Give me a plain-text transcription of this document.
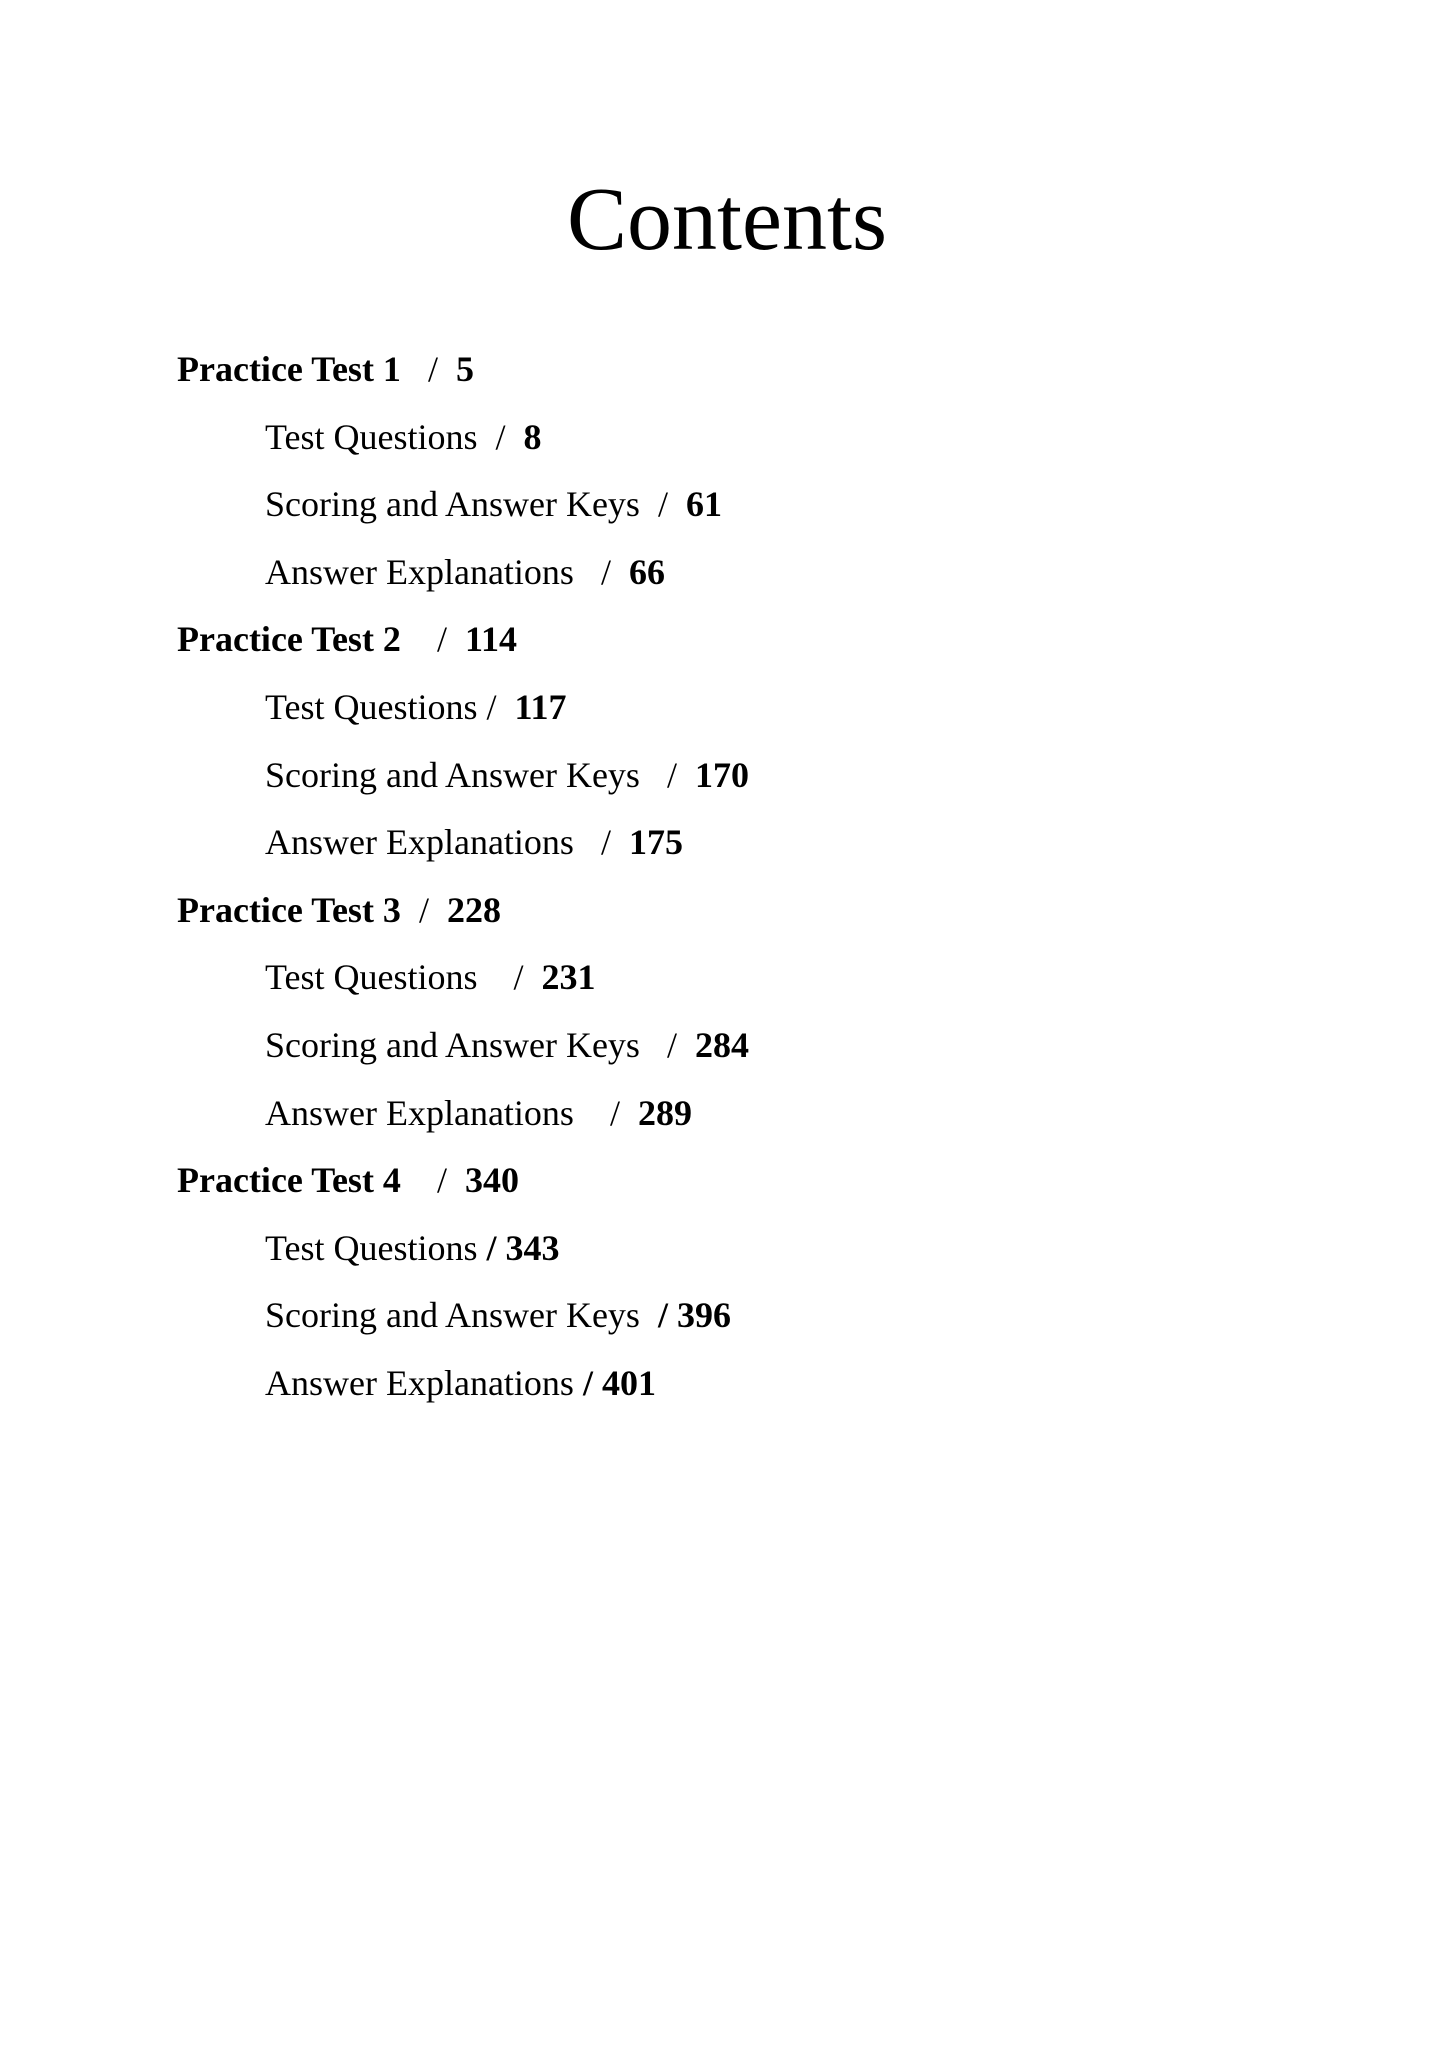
Contents
Practice Test 1 / 5
Test Questions / 8
Scoring and Answer Keys / 61
Answer Explanations / 66
Practice Test 2 / 114
Test Questions / 117
Scoring and Answer Keys / 170
Answer Explanations / 175
Practice Test 3 / 228
Test Questions / 231
Scoring and Answer Keys / 284
Answer Explanations / 289
Practice Test 4 / 340
Test Questions / 343
Scoring and Answer Keys / 396
Answer Explanations / 401
